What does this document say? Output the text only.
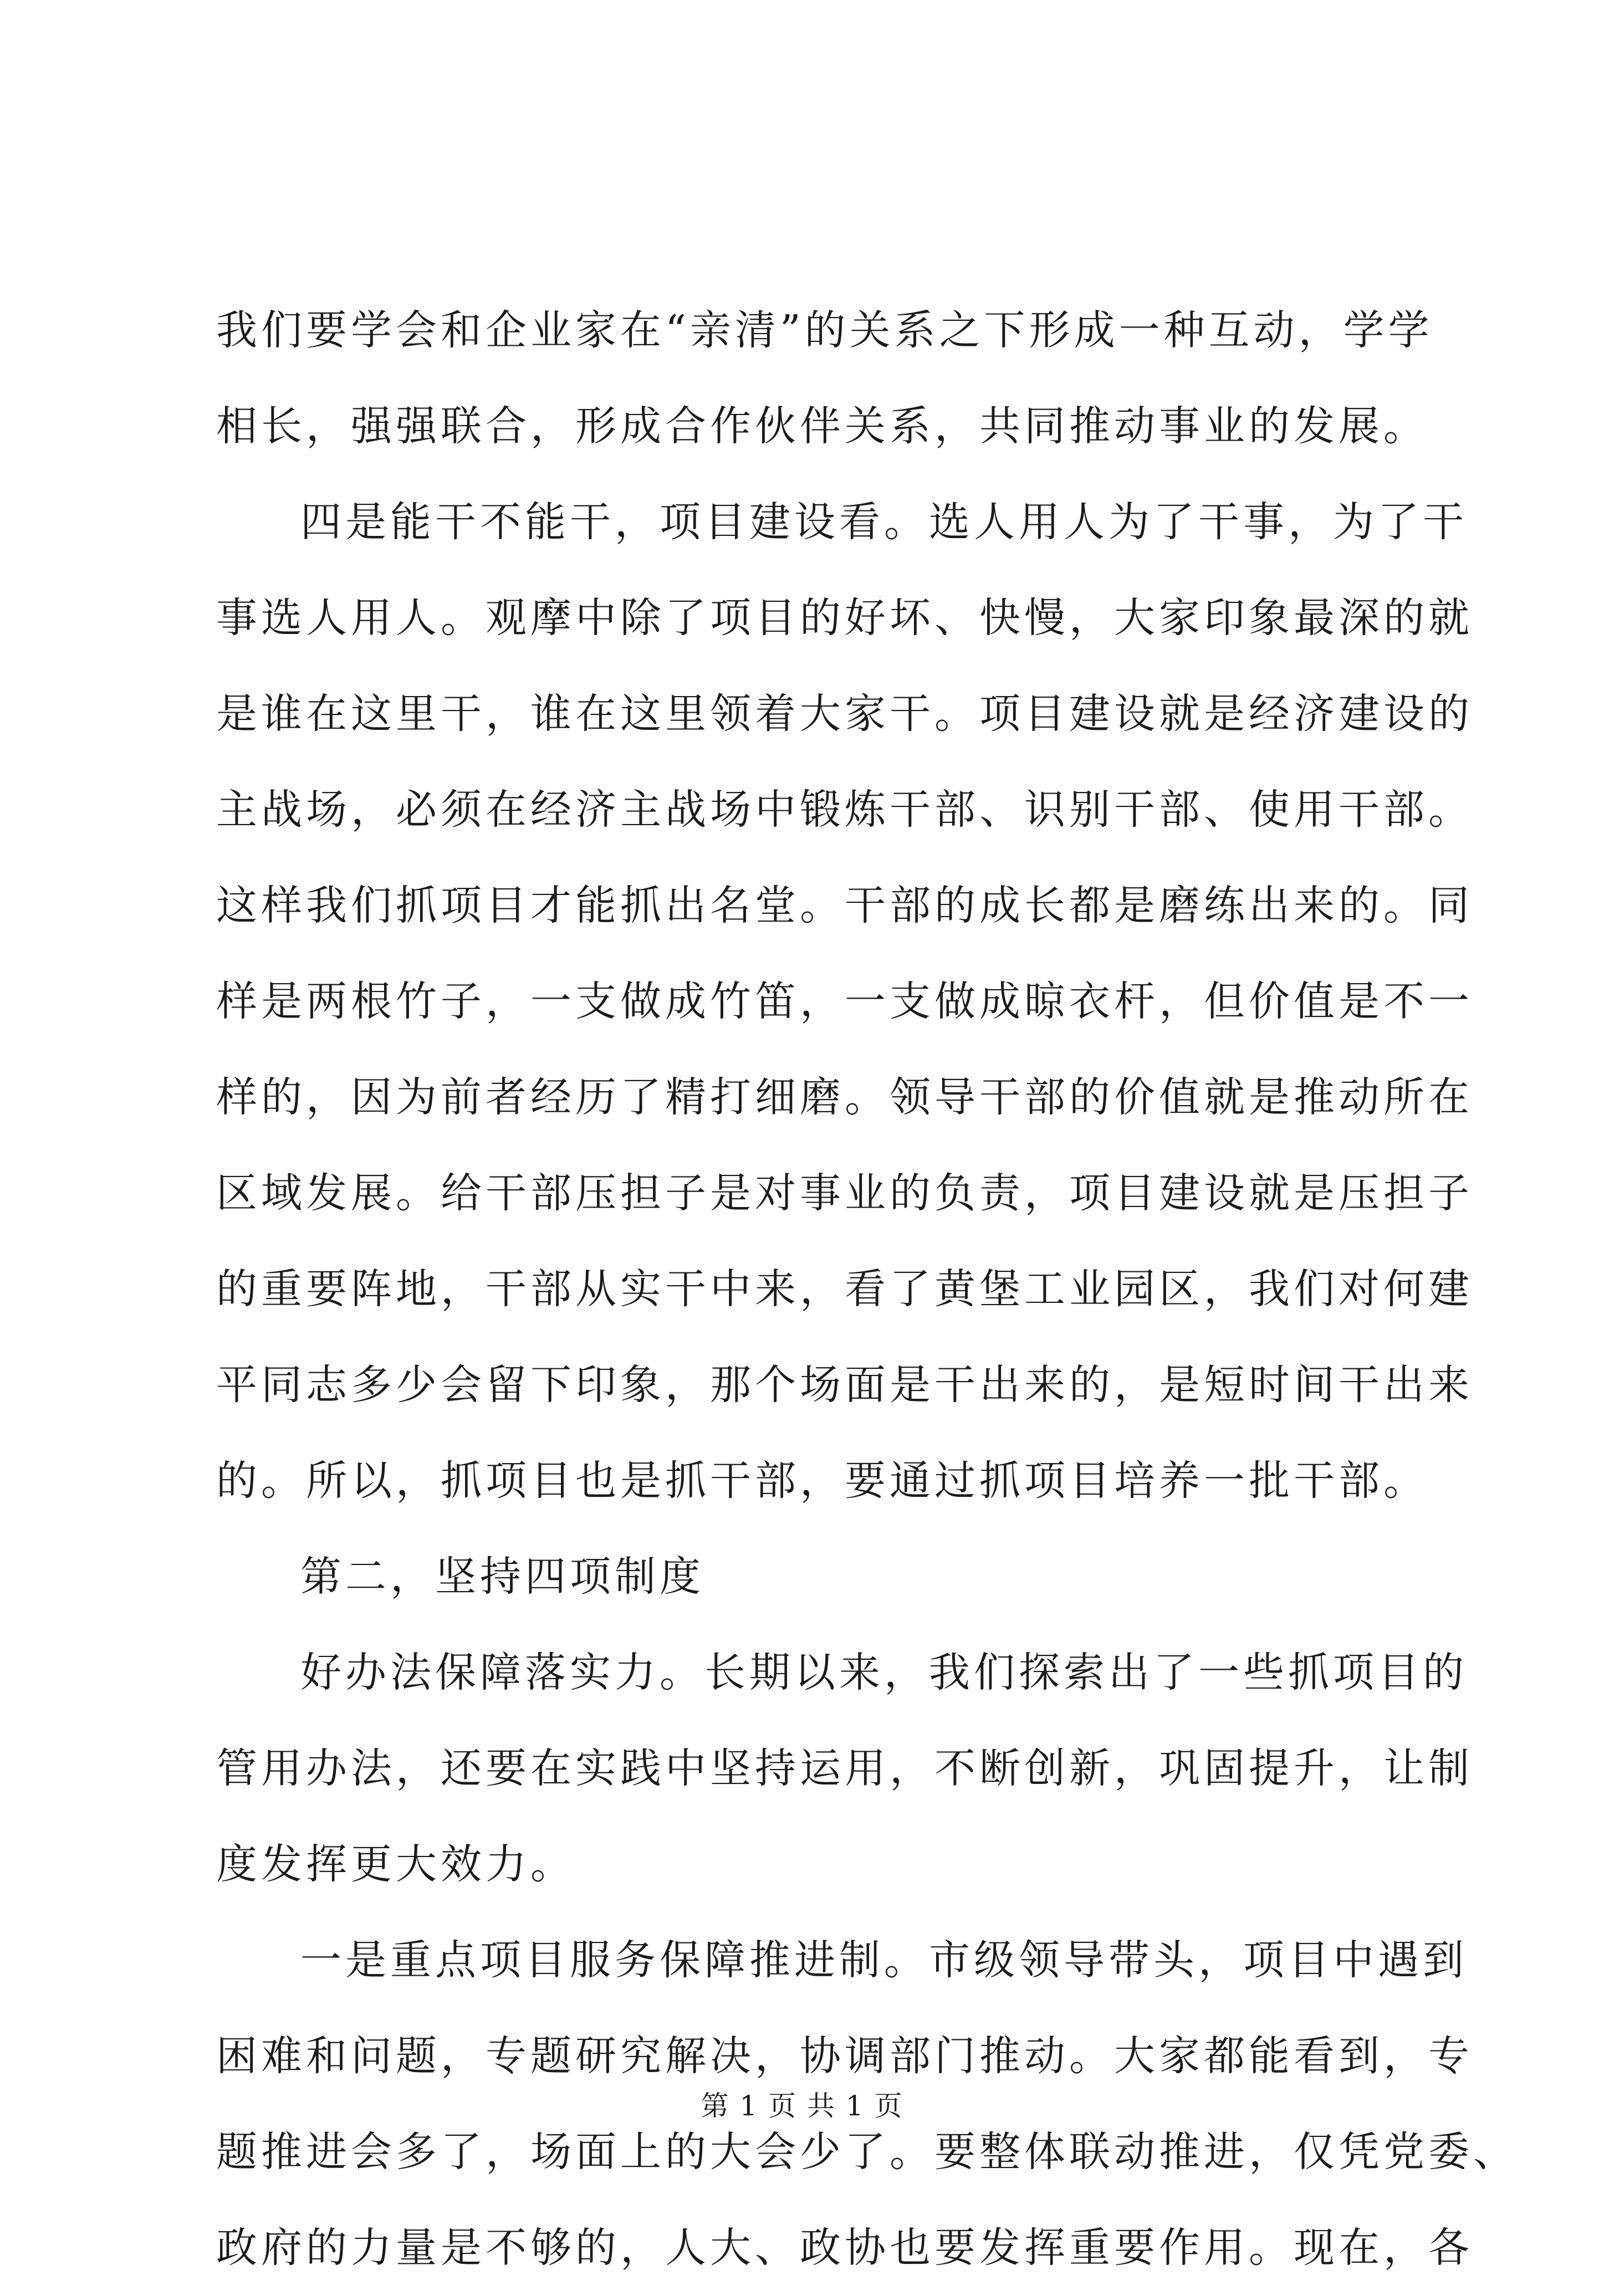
我们要学会和企业家在“亲清”的关系之下形成一种互动，学学
相长，强强联合，形成合作伙伴关系，共同推动事业的发展。
四是能干不能干，项目建设看。选人用人为了干事，为了干
事选人用人。观摩中除了项目的好坏、快慢，大家印象最深的就
是谁在这里干，谁在这里领着大家干。项目建设就是经济建设的
主战场，必须在经济主战场中锻炼干部、识别干部、使用干部。
这样我们抓项目才能抓出名堂。干部的成长都是磨练出来的。同
样是两根竹子，一支做成竹笛，一支做成晾衣杆，但价值是不一
样的，因为前者经历了精打细磨。领导干部的价值就是推动所在
区域发展。给干部压担子是对事业的负责，项目建设就是压担子
的重要阵地，干部从实干中来，看了黄堡工业园区，我们对何建
平同志多少会留下印象，那个场面是干出来的，是短时间干出来
的。所以，抓项目也是抓干部，要通过抓项目培养一批干部。
第二，坚持四项制度
好办法保障落实力。长期以来，我们探索出了一些抓项目的
管用办法，还要在实践中坚持运用，不断创新，巩固提升，让制
度发挥更大效力。
一是重点项目服务保障推进制。市级领导带头，项目中遇到
困难和问题，专题研究解决，协调部门推动。大家都能看到，专
题推进会多了，场面上的大会少了。要整体联动推进，仅凭党委、
政府的力量是不够的，人大、政协也要发挥重要作用。现在，各
第 1 页 共 1 页
